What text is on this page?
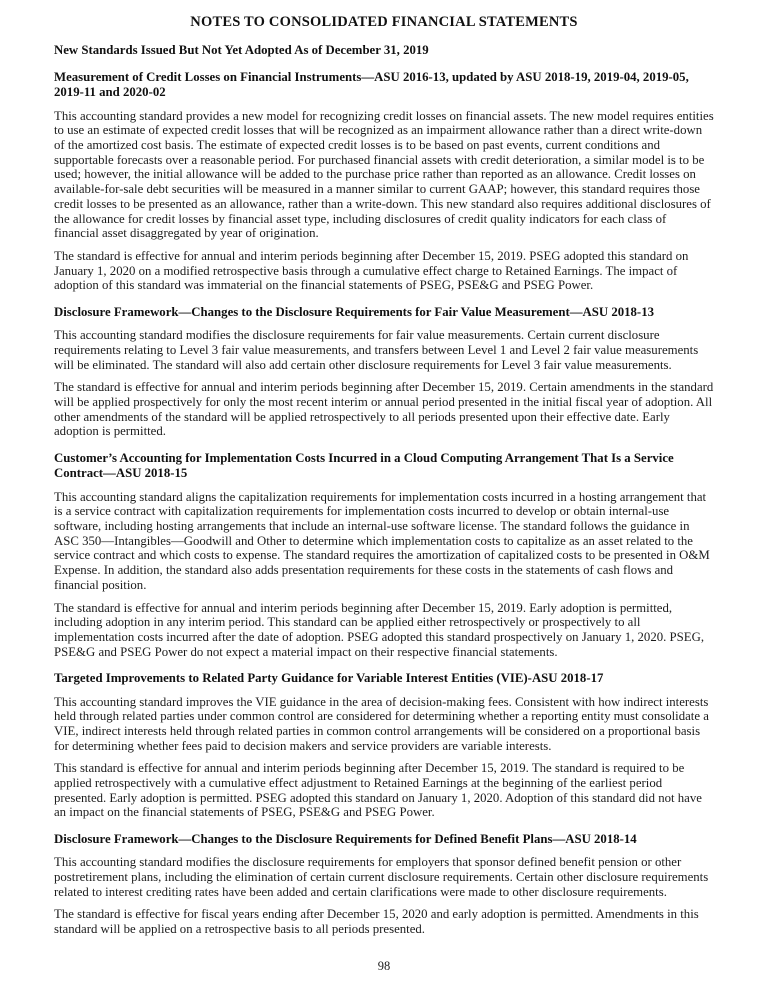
NOTES TO CONSOLIDATED FINANCIAL STATEMENTS
New Standards Issued But Not Yet Adopted As of December 31, 2019
Measurement of Credit Losses on Financial Instruments—ASU 2016-13, updated by ASU 2018-19, 2019-04, 2019-05, 2019-11 and 2020-02

This accounting standard provides a new model for recognizing credit losses on financial assets. The new model requires entities to use an estimate of expected credit losses that will be recognized as an impairment allowance rather than a direct write-down of the amortized cost basis. The estimate of expected credit losses is to be based on past events, current conditions and supportable forecasts over a reasonable period. For purchased financial assets with credit deterioration, a similar model is to be used; however, the initial allowance will be added to the purchase price rather than reported as an allowance. Credit losses on available-for-sale debt securities will be measured in a manner similar to current GAAP; however, this standard requires those credit losses to be presented as an allowance, rather than a write-down. This new standard also requires additional disclosures of the allowance for credit losses by financial asset type, including disclosures of credit quality indicators for each class of financial asset disaggregated by year of origination.

The standard is effective for annual and interim periods beginning after December 15, 2019. PSEG adopted this standard on January 1, 2020 on a modified retrospective basis through a cumulative effect charge to Retained Earnings. The impact of adoption of this standard was immaterial on the financial statements of PSEG, PSE&G and PSEG Power.

Disclosure Framework—Changes to the Disclosure Requirements for Fair Value Measurement—ASU 2018-13

This accounting standard modifies the disclosure requirements for fair value measurements. Certain current disclosure requirements relating to Level 3 fair value measurements, and transfers between Level 1 and Level 2 fair value measurements will be eliminated. The standard will also add certain other disclosure requirements for Level 3 fair value measurements.

The standard is effective for annual and interim periods beginning after December 15, 2019. Certain amendments in the standard will be applied prospectively for only the most recent interim or annual period presented in the initial fiscal year of adoption. All other amendments of the standard will be applied retrospectively to all periods presented upon their effective date. Early adoption is permitted.

Customer’s Accounting for Implementation Costs Incurred in a Cloud Computing Arrangement That Is a Service Contract—ASU 2018-15

This accounting standard aligns the capitalization requirements for implementation costs incurred in a hosting arrangement that is a service contract with capitalization requirements for implementation costs incurred to develop or obtain internal-use software, including hosting arrangements that include an internal-use software license. The standard follows the guidance in ASC 350—Intangibles—Goodwill and Other to determine which implementation costs to capitalize as an asset related to the service contract and which costs to expense. The standard requires the amortization of capitalized costs to be presented in O&M Expense. In addition, the standard also adds presentation requirements for these costs in the statements of cash flows and financial position.

The standard is effective for annual and interim periods beginning after December 15, 2019. Early adoption is permitted, including adoption in any interim period. This standard can be applied either retrospectively or prospectively to all implementation costs incurred after the date of adoption. PSEG adopted this standard prospectively on January 1, 2020. PSEG, PSE&G and PSEG Power do not expect a material impact on their respective financial statements.

Targeted Improvements to Related Party Guidance for Variable Interest Entities (VIE)-ASU 2018-17

This accounting standard improves the VIE guidance in the area of decision-making fees. Consistent with how indirect interests held through related parties under common control are considered for determining whether a reporting entity must consolidate a VIE, indirect interests held through related parties in common control arrangements will be considered on a proportional basis for determining whether fees paid to decision makers and service providers are variable interests.

This standard is effective for annual and interim periods beginning after December 15, 2019. The standard is required to be applied retrospectively with a cumulative effect adjustment to Retained Earnings at the beginning of the earliest period presented. Early adoption is permitted. PSEG adopted this standard on January 1, 2020. Adoption of this standard did not have an impact on the financial statements of PSEG, PSE&G and PSEG Power.

Disclosure Framework—Changes to the Disclosure Requirements for Defined Benefit Plans—ASU 2018-14

This accounting standard modifies the disclosure requirements for employers that sponsor defined benefit pension or other postretirement plans, including the elimination of certain current disclosure requirements. Certain other disclosure requirements related to interest crediting rates have been added and certain clarifications were made to other disclosure requirements.

The standard is effective for fiscal years ending after December 15, 2020 and early adoption is permitted. Amendments in this standard will be applied on a retrospective basis to all periods presented.

98
